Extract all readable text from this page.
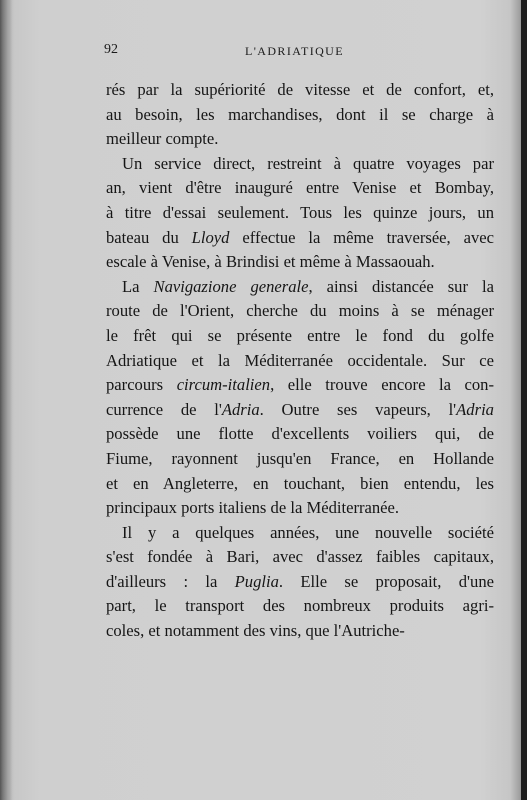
92	L'ADRIATIQUE
rés par la supériorité de vitesse et de confort, et,
au besoin, les marchandises, dont il se charge à
meilleur compte.
Un service direct, restreint à quatre voyages par
an, vient d'être inauguré entre Venise et Bombay,
à titre d'essai seulement. Tous les quinze jours, un
bateau du Lloyd effectue la même traversée, avec
escale à Venise, à Brindisi et même à Massaouah.
La Navigazione generale, ainsi distancée sur la
route de l'Orient, cherche du moins à se ménager
le frêt qui se présente entre le fond du golfe
Adriatique et la Méditerranée occidentale. Sur ce
parcours circum-italien, elle trouve encore la con-
currence de l'Adria. Outre ses vapeurs, l'Adria
possède une flotte d'excellents voiliers qui, de
Fiume, rayonnent jusqu'en France, en Hollande
et en Angleterre, en touchant, bien entendu, les
principaux ports italiens de la Méditerranée.
Il y a quelques années, une nouvelle société
s'est fondée à Bari, avec d'assez faibles capitaux,
d'ailleurs : la Puglia. Elle se proposait, d'une
part, le transport des nombreux produits agri-
coles, et notamment des vins, que l'Autriche-
